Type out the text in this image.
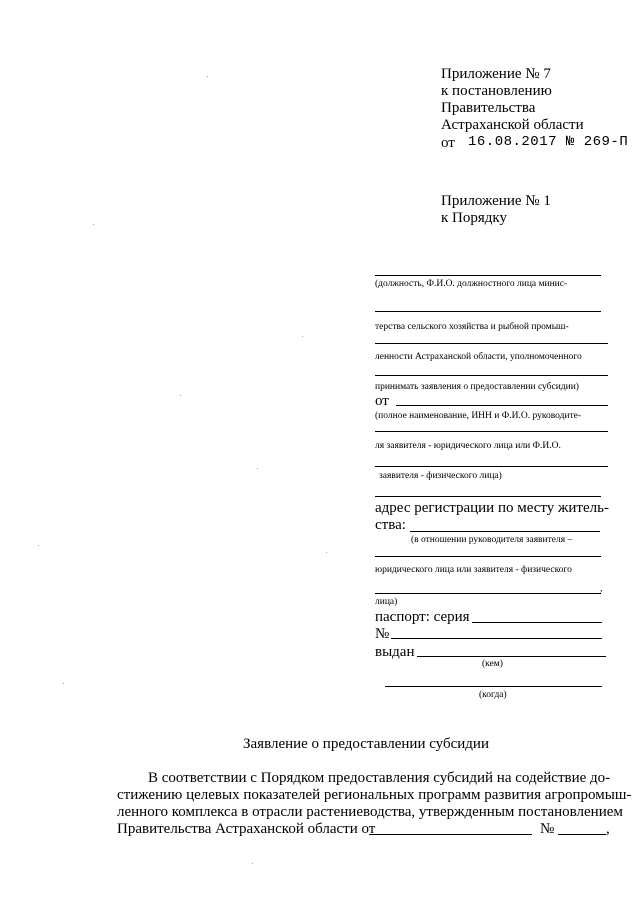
Приложение № 7
к постановлению
Правительства
Астраханской области
от 16.08.2017 № 269-П
Приложение № 1
к Порядку
(должность, Ф.И.О. должностного лица минис-
терства сельского хозяйства и рыбной промыш-
ленности Астраханской области, уполномоченного
принимать заявления о предоставлении субсидии)
от
(полное наименование, ИНН и Ф.И.О. руководите-
ля заявителя - юридического лица или Ф.И.О.
заявителя - физического лица)
адрес регистрации по месту житель-
ства:
(в отношении руководителя заявителя –
юридического лица или заявителя - физического
,
лица)
паспорт: серия
№
выдан
(кем)
(когда)
Заявление о предоставлении субсидии
В соответствии с Порядком предоставления субсидий на содействие до-
стижению целевых показателей региональных программ развития агропромыш-
ленного комплекса в отрасли растениеводства, утвержденным постановлением
Правительства Астраханской области от	№	,
